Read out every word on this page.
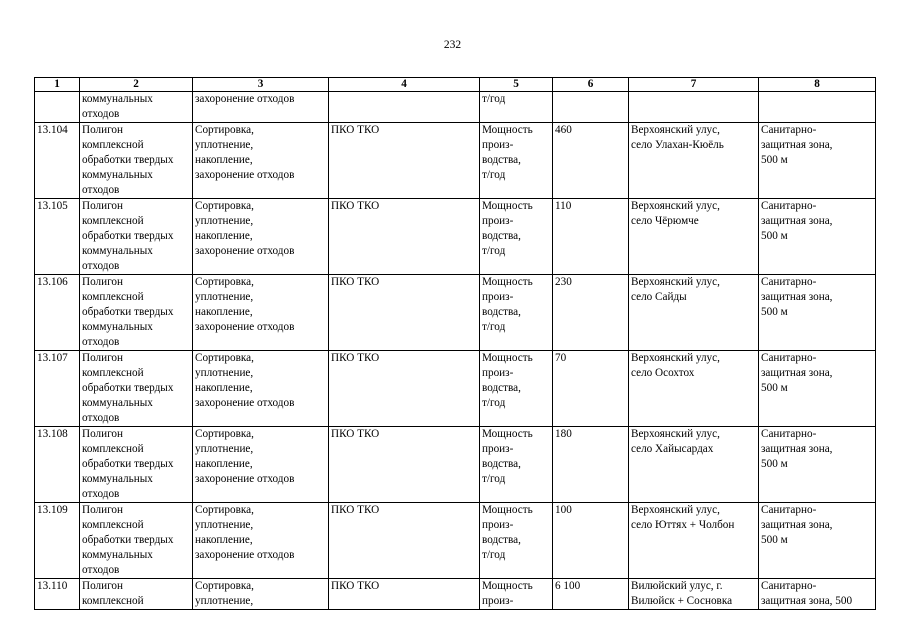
232
1	2	3	4	5	6	7	8

	коммунальных
отходов	захоронение отходов		т/год			

13.104	Полигон
комплексной
обработки твердых
коммунальных
отходов	Сортировка,
уплотнение,
накопление,
захоронение отходов	ПКО ТКО	Мощность
произ-
водства,
т/год	460	Верхоянский улус,
село Улахан-Кюёль	Санитарно-
защитная зона,
500 м

13.105	Полигон
комплексной
обработки твердых
коммунальных
отходов	Сортировка,
уплотнение,
накопление,
захоронение отходов	ПКО ТКО	Мощность
произ-
водства,
т/год	110	Верхоянский улус,
село Чёрюмче	Санитарно-
защитная зона,
500 м

13.106	Полигон
комплексной
обработки твердых
коммунальных
отходов	Сортировка,
уплотнение,
накопление,
захоронение отходов	ПКО ТКО	Мощность
произ-
водства,
т/год	230	Верхоянский улус,
село Сайды	Санитарно-
защитная зона,
500 м

13.107	Полигон
комплексной
обработки твердых
коммунальных
отходов	Сортировка,
уплотнение,
накопление,
захоронение отходов	ПКО ТКО	Мощность
произ-
водства,
т/год	70	Верхоянский улус,
село Осохтох	Санитарно-
защитная зона,
500 м

13.108	Полигон
комплексной
обработки твердых
коммунальных
отходов	Сортировка,
уплотнение,
накопление,
захоронение отходов	ПКО ТКО	Мощность
произ-
водства,
т/год	180	Верхоянский улус,
село Хайысардах	Санитарно-
защитная зона,
500 м

13.109	Полигон
комплексной
обработки твердых
коммунальных
отходов	Сортировка,
уплотнение,
накопление,
захоронение отходов	ПКО ТКО	Мощность
произ-
водства,
т/год	100	Верхоянский улус,
село Юттях + Чолбон	Санитарно-
защитная зона,
500 м

13.110	Полигон
комплексной	Сортировка,
уплотнение,	ПКО ТКО	Мощность
произ-	6 100	Вилюйский улус, г.
Вилюйск + Сосновка	Санитарно-
защитная зона, 500
